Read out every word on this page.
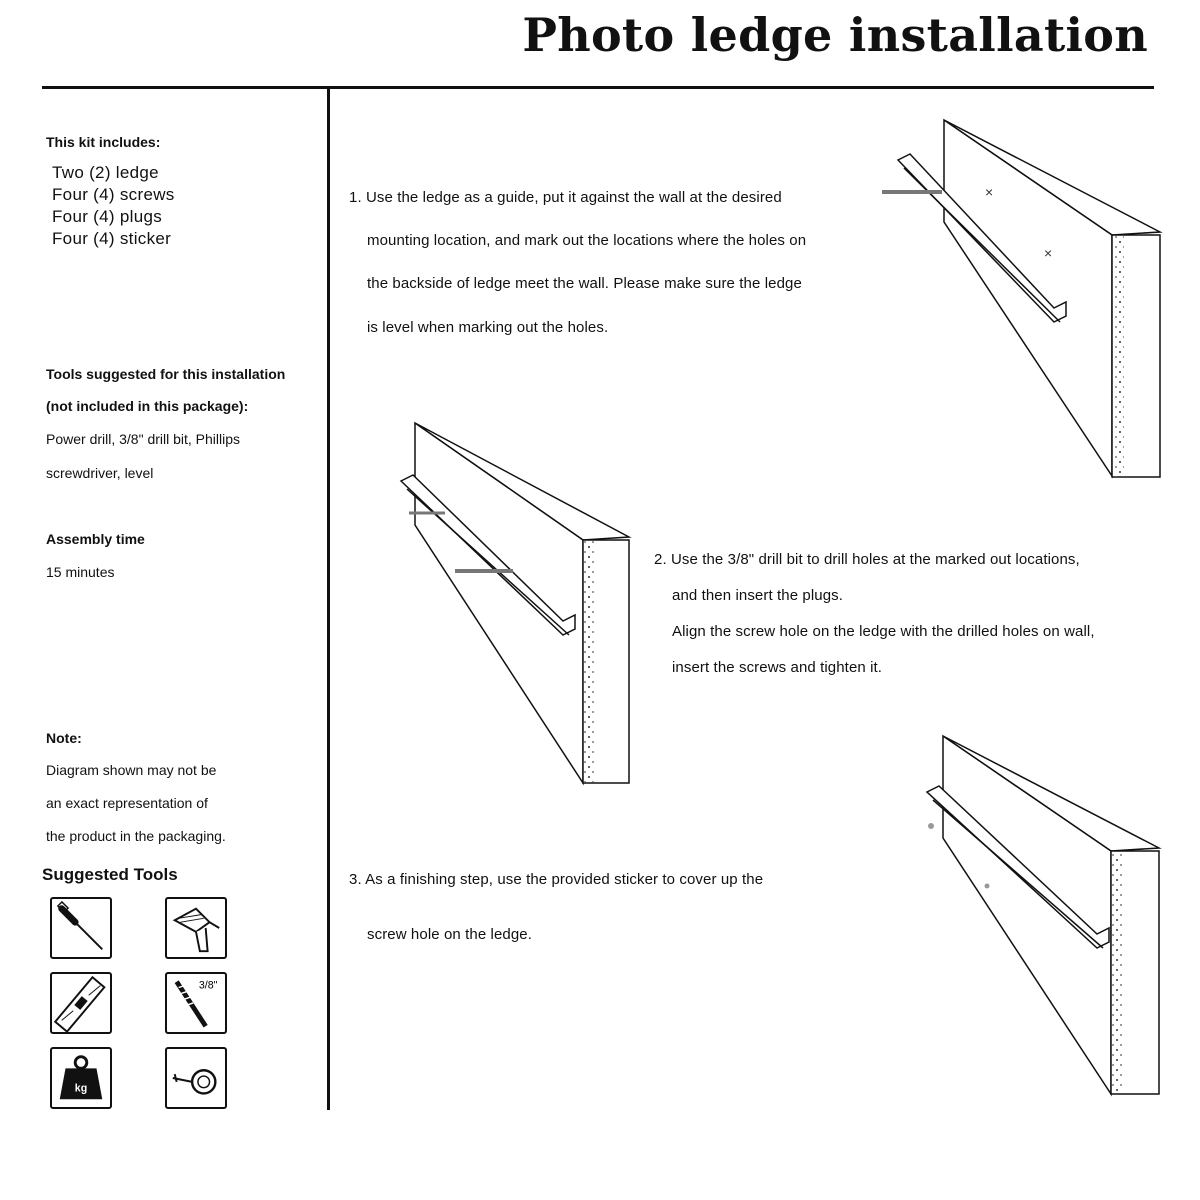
Photo ledge installation
This kit includes:
Two (2) ledge
Four (4) screws
Four (4) plugs
Four (4) sticker
Tools suggested for this installation
(not included in this package):
Power drill, 3/8" drill bit, Phillips
screwdriver, level
Assembly time
15 minutes
Note:
Diagram shown may not be
an exact representation of
the product in the packaging.
Suggested Tools
3/8"
kg
1. Use the ledge as a guide, put it against the wall at the desired
mounting location, and mark out the locations where the holes on
the backside of ledge meet the wall. Please make sure the ledge
is level when marking out the holes.
2. Use the 3/8" drill bit to drill holes at the marked out locations,
and then insert the plugs.
Align the screw hole on the ledge with the drilled holes on wall,
insert the screws and tighten it.
3. As a finishing step, use the provided sticker to cover up the
screw hole on the ledge.
×
×
